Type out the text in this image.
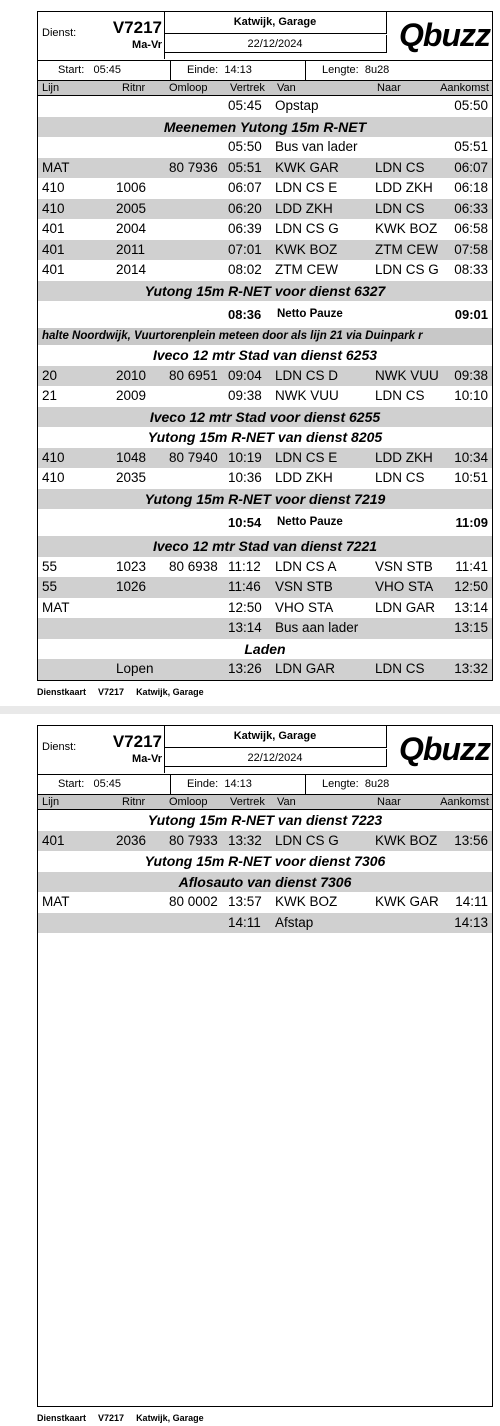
Dienst: V7217
Ma-Vr
Katwijk, Garage
22/12/2024	Qbuzz
Start: 05:45	Einde: 14:13	Lengte: 8u28
Lijn	Ritnr Omloop Vertrek Van	Naar	Aankomst
05:45 Opstap	05:50
Meenemen Yutong 15m R-NET
05:50 Bus van lader	05:51
MAT	80 7936 05:51 KWK GAR	LDN CS 06:07
410	1006	06:07 LDN CS E	LDD ZKH 06:18
410	2005	06:20 LDD ZKH	LDN CS 06:33
401	2004	06:39 LDN CS G	KWK BOZ 06:58
401	2011	07:01 KWK BOZ	ZTM CEW 07:58
401	2014	08:02 ZTM CEW	LDN CS G 08:33
Yutong 15m R-NET voor dienst 6327
08:36 Netto Pauze	09:01
halte Noordwijk, Vuurtorenplein meteen door als lijn 21 via Duinpark r
Iveco 12 mtr Stad van dienst 6253
20	2010 80 6951 09:04 LDN CS D	NWK VUU 09:38
21	2009	09:38 NWK VUU	LDN CS 10:10
Iveco 12 mtr Stad voor dienst 6255
Yutong 15m R-NET van dienst 8205
410	1048 80 7940 10:19 LDN CS E	LDD ZKH 10:34
410	2035	10:36 LDD ZKH	LDN CS 10:51
Yutong 15m R-NET voor dienst 7219
10:54 Netto Pauze	11:09
Iveco 12 mtr Stad van dienst 7221
55	1023 80 6938 11:12 LDN CS A	VSN STB 11:41
55	1026	11:46 VSN STB	VHO STA 12:50
MAT	12:50 VHO STA	LDN GAR 13:14
13:14 Bus aan lader	13:15
Laden
Lopen	13:26 LDN GAR	LDN CS 13:32
Dienstkaart V7217 Katwijk, Garage
Dienst: V7217
Ma-Vr
Katwijk, Garage
22/12/2024	Qbuzz
Start: 05:45	Einde: 14:13	Lengte: 8u28
Lijn	Ritnr Omloop Vertrek Van	Naar	Aankomst
Yutong 15m R-NET van dienst 7223
401	2036 80 7933 13:32 LDN CS G	KWK BOZ 13:56
Yutong 15m R-NET voor dienst 7306
Aflosauto van dienst 7306
MAT	80 0002 13:57 KWK BOZ	KWK GAR 14:11
14:11 Afstap	14:13
Dienstkaart V7217 Katwijk, Garage
